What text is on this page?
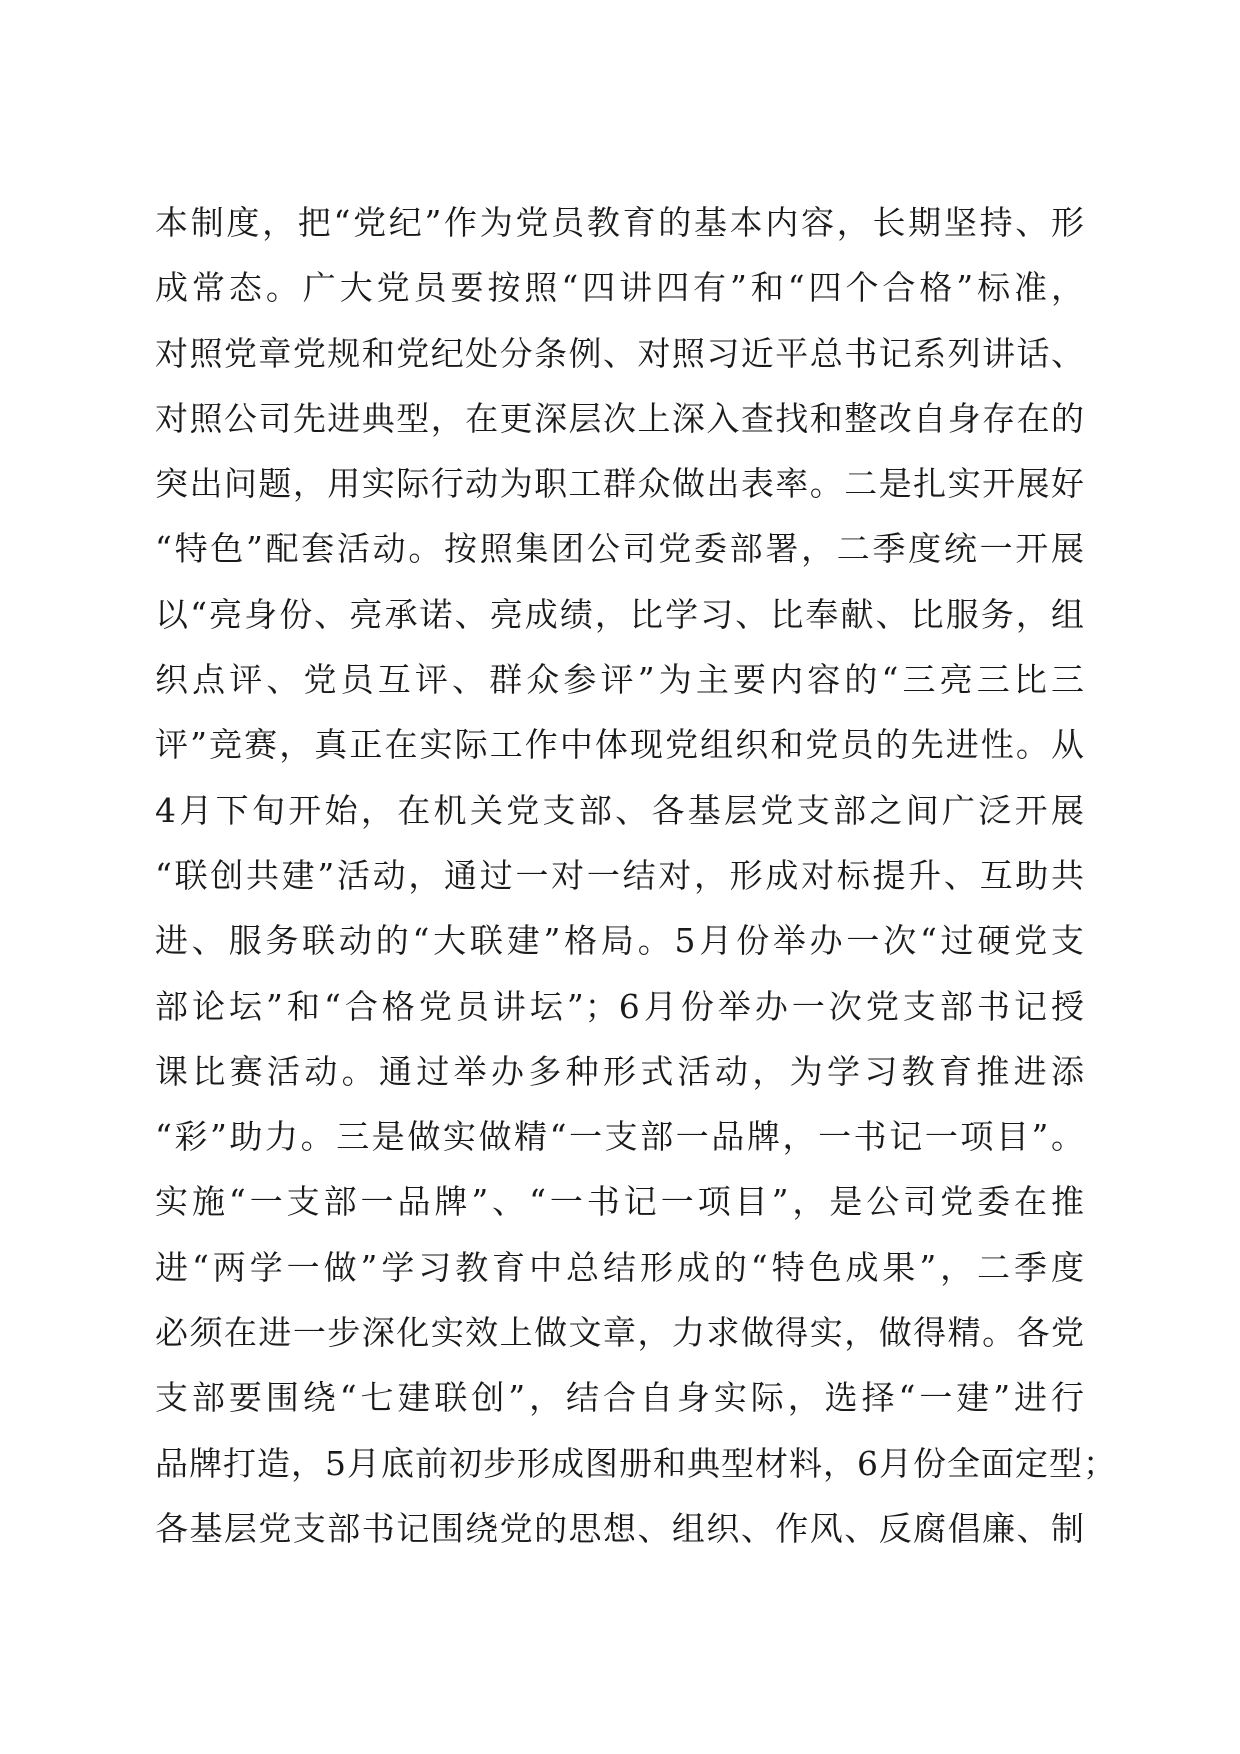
本制度，把“党纪”作为党员教育的基本内容，长期坚持、形
成常态。广大党员要按照“四讲四有”和“四个合格”标准，
对照党章党规和党纪处分条例、对照习近平总书记系列讲话、
对照公司先进典型，在更深层次上深入查找和整改自身存在的
突出问题，用实际行动为职工群众做出表率。二是扎实开展好
“特色”配套活动。按照集团公司党委部署，二季度统一开展
以“亮身份、亮承诺、亮成绩，比学习、比奉献、比服务，组
织点评、党员互评、群众参评”为主要内容的“三亮三比三
评”竞赛，真正在实际工作中体现党组织和党员的先进性。从
4月下旬开始，在机关党支部、各基层党支部之间广泛开展
“联创共建”活动，通过一对一结对，形成对标提升、互助共
进、服务联动的“大联建”格局。5月份举办一次“过硬党支
部论坛”和“合格党员讲坛”；6月份举办一次党支部书记授
课比赛活动。通过举办多种形式活动，为学习教育推进添
“彩”助力。三是做实做精“一支部一品牌，一书记一项目”。
实施“一支部一品牌”、“一书记一项目”，是公司党委在推
进“两学一做”学习教育中总结形成的“特色成果”，二季度
必须在进一步深化实效上做文章，力求做得实，做得精。各党
支部要围绕“七建联创”，结合自身实际，选择“一建”进行
品牌打造，5月底前初步形成图册和典型材料，6月份全面定型；
各基层党支部书记围绕党的思想、组织、作风、反腐倡廉、制
